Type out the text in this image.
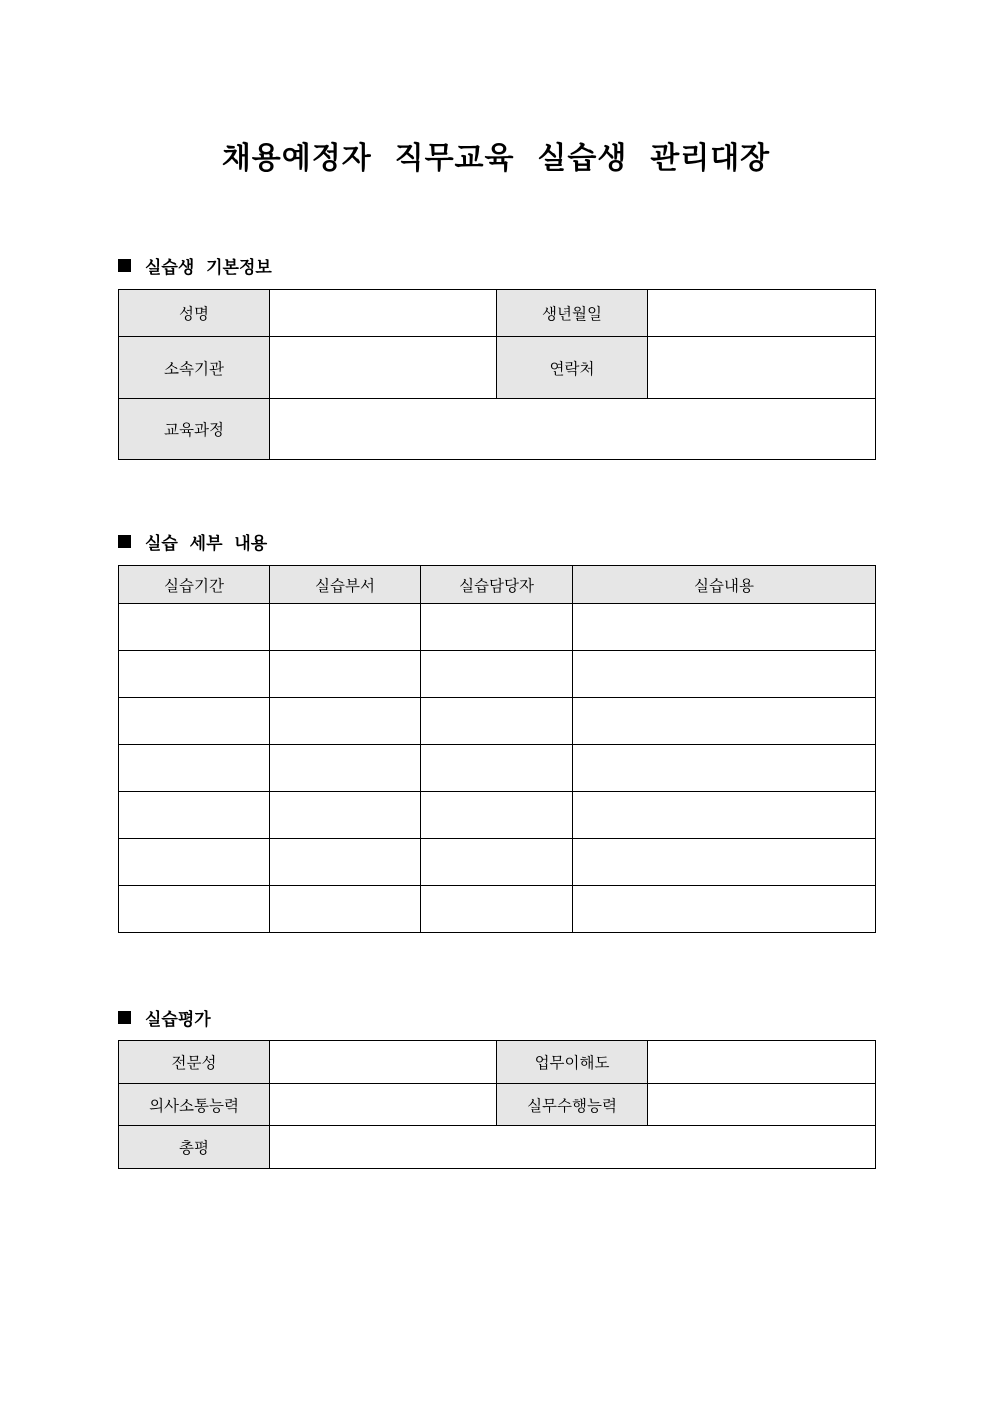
채용예정자  직무교육  실습생  관리대장
실습생  기본정보
성명		생년월일	
소속기관		연락처	
교육과정			
실습  세부  내용
실습기간	실습부서	실습담당자	실습내용

실습평가
전문성		업무이해도	
의사소통능력		실무수행능력	
총평			
